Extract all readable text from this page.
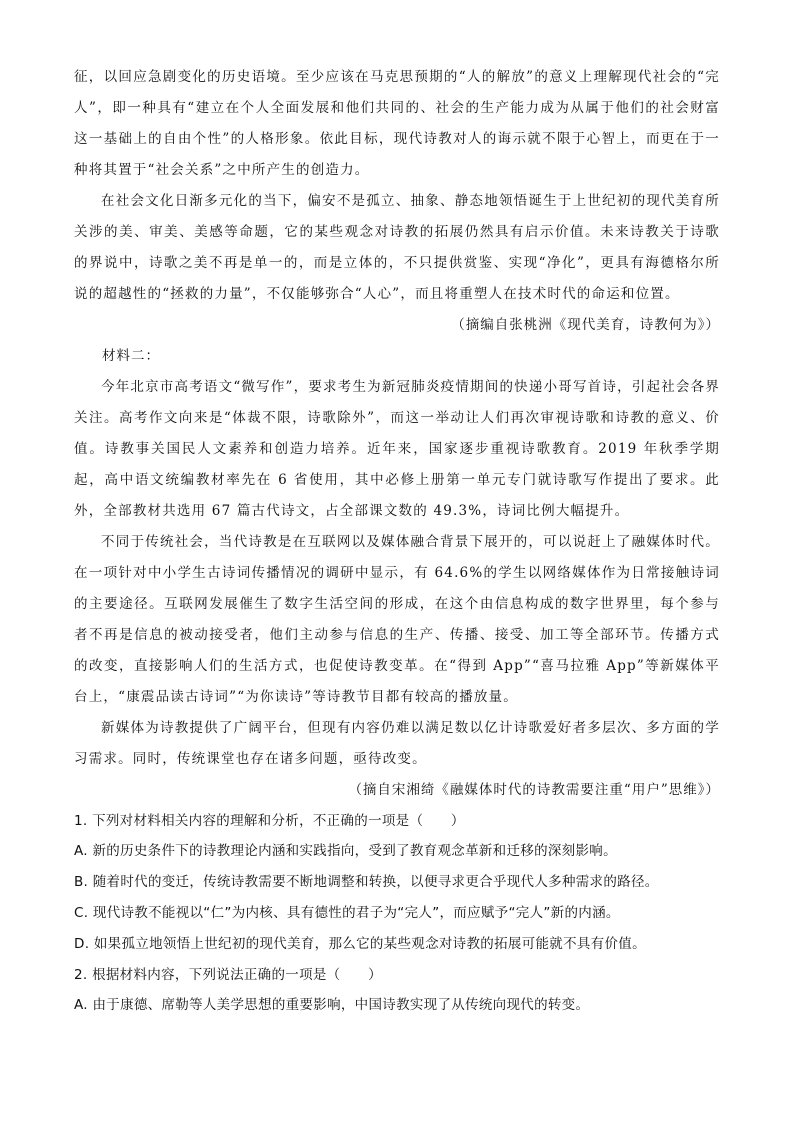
征，以回应急剧变化的历史语境。至少应该在马克思预期的“人的解放”的意义上理解现代社会的“完人”，即一种具有“建立在个人全面发展和他们共同的、社会的生产能力成为从属于他们的社会财富这一基础上的自由个性”的人格形象。依此目标，现代诗教对人的诲示就不限于心智上，而更在于一种将其置于“社会关系”之中所产生的创造力。

在社会文化日渐多元化的当下，偏安不是孤立、抽象、静态地领悟诞生于上世纪初的现代美育所关涉的美、审美、美感等命题，它的某些观念对诗教的拓展仍然具有启示价值。未来诗教关于诗歌的界说中，诗歌之美不再是单一的，而是立体的，不只提供赏鉴、实现“净化”，更具有海德格尔所说的超越性的“拯救的力量”，不仅能够弥合“人心”，而且将重塑人在技术时代的命运和位置。

（摘编自张桃洲《现代美育，诗教何为》）

材料二：

今年北京市高考语文“微写作”，要求考生为新冠肺炎疫情期间的快递小哥写首诗，引起社会各界关注。高考作文向来是“体裁不限，诗歌除外”，而这一举动让人们再次审视诗歌和诗教的意义、价值。诗教事关国民人文素养和创造力培养。近年来，国家逐步重视诗歌教育。2019 年秋季学期起，高中语文统编教材率先在 6 省使用，其中必修上册第一单元专门就诗歌写作提出了要求。此外，全部教材共选用 67 篇古代诗文，占全部课文数的 49.3%，诗词比例大幅提升。

不同于传统社会，当代诗教是在互联网以及媒体融合背景下展开的，可以说赶上了融媒体时代。在一项针对中小学生古诗词传播情况的调研中显示，有 64.6%的学生以网络媒体作为日常接触诗词的主要途径。互联网发展催生了数字生活空间的形成，在这个由信息构成的数字世界里，每个参与者不再是信息的被动接受者，他们主动参与信息的生产、传播、接受、加工等全部环节。传播方式的改变，直接影响人们的生活方式，也促使诗教变革。在“得到 App”“喜马拉雅 App”等新媒体平台上，“康震品读古诗词”“为你读诗”等诗教节目都有较高的播放量。

新媒体为诗教提供了广阔平台，但现有内容仍难以满足数以亿计诗歌爱好者多层次、多方面的学习需求。同时，传统课堂也存在诸多问题，亟待改变。

（摘自宋湘绮《融媒体时代的诗教需要注重“用户”思维》）

1. 下列对材料相关内容的理解和分析，不正确的一项是（　　）

A. 新的历史条件下的诗教理论内涵和实践指向，受到了教育观念革新和迁移的深刻影响。

B. 随着时代的变迁，传统诗教需要不断地调整和转换，以便寻求更合乎现代人多种需求的路径。

C. 现代诗教不能视以“仁”为内核、具有德性的君子为“完人”，而应赋予“完人”新的内涵。

D. 如果孤立地领悟上世纪初的现代美育，那么它的某些观念对诗教的拓展可能就不具有价值。

2. 根据材料内容，下列说法正确的一项是（　　）

A. 由于康德、席勒等人美学思想的重要影响，中国诗教实现了从传统向现代的转变。
